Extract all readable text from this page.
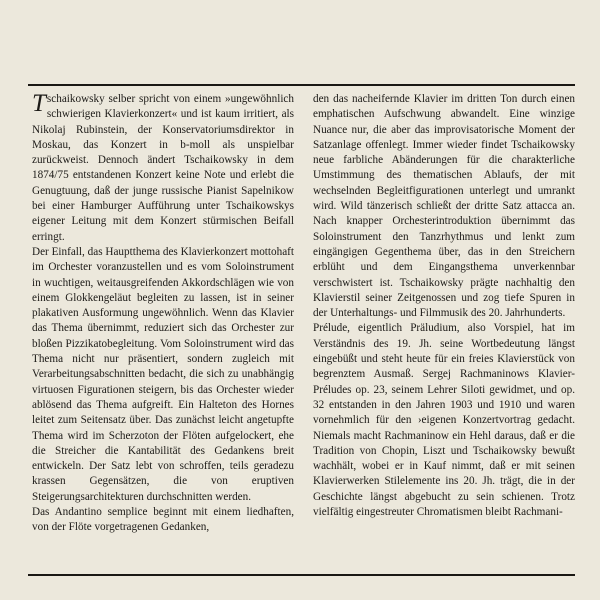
Tschaikowsky selber spricht von einem »ungewöhnlich schwierigen Klavierkonzert« und ist kaum irritiert, als Nikolaj Rubinstein, der Konservatoriumsdirektor in Moskau, das Konzert in b-moll als unspielbar zurückweist. Dennoch ändert Tschaikowsky in dem 1874/75 entstandenen Konzert keine Note und erlebt die Genugtuung, daß der junge russische Pianist Sapelnikow bei einer Hamburger Aufführung unter Tschaikowskys eigener Leitung mit dem Konzert stürmischen Beifall erringt.

Der Einfall, das Hauptthema des Klavierkonzert mottohaft im Orchester voranzustellen und es vom Soloinstrument in wuchtigen, weitausgreifenden Akkordschlägen wie von einem Glokkengeläut begleiten zu lassen, ist in seiner plakativen Ausformung ungewöhnlich. Wenn das Klavier das Thema übernimmt, reduziert sich das Orchester zur bloßen Pizzikatobegleitung. Vom Soloinstrument wird das Thema nicht nur präsentiert, sondern zugleich mit Verarbeitungsabschnitten bedacht, die sich zu unabhängig virtuosen Figurationen steigern, bis das Orchester wieder ablösend das Thema aufgreift. Ein Halteton des Hornes leitet zum Seitensatz über. Das zunächst leicht angetupfte Thema wird im Scherzoton der Flöten aufgelockert, ehe die Streicher die Kantabilität des Gedankens breit entwickeln. Der Satz lebt von schroffen, teils geradezu krassen Gegensätzen, die von eruptiven Steigerungsarchitekturen durchschnitten werden.

Das Andantino semplice beginnt mit einem liedhaften, von der Flöte vorgetragenen Gedanken,

den das nacheifernde Klavier im dritten Ton durch einen emphatischen Aufschwung abwandelt. Eine winzige Nuance nur, die aber das improvisatorische Moment der Satzanlage offenlegt. Immer wieder findet Tschaikowsky neue farbliche Abänderungen für die charakterliche Umstimmung des thematischen Ablaufs, der mit wechselnden Begleitfigurationen unterlegt und umrankt wird. Wild tänzerisch schließt der dritte Satz attacca an. Nach knapper Orchesterintroduktion übernimmt das Soloinstrument den Tanzrhythmus und lenkt zum eingängigen Gegenthema über, das in den Streichern erblüht und dem Eingangsthema unverkennbar verschwistert ist. Tschaikowsky prägte nachhaltig den Klavierstil seiner Zeitgenossen und zog tiefe Spuren in der Unterhaltungs- und Filmmusik des 20. Jahrhunderts.

Prélude, eigentlich Präludium, also Vorspiel, hat im Verständnis des 19. Jh. seine Wortbedeutung längst eingebüßt und steht heute für ein freies Klavierstück von begrenztem Ausmaß. Sergej Rachmaninows Klavier-Préludes op. 23, seinem Lehrer Siloti gewidmet, und op. 32 entstanden in den Jahren 1903 und 1910 und waren vornehmlich für den ›eigenen Konzertvortrag gedacht. Niemals macht Rachmaninow ein Hehl daraus, daß er die Tradition von Chopin, Liszt und Tschaikowsky bewußt wachhält, wobei er in Kauf nimmt, daß er mit seinen Klavierwerken Stilelemente ins 20. Jh. trägt, die in der Geschichte längst abgebucht zu sein schienen. Trotz vielfältig eingestreuter Chromatismen bleibt Rachmani-
